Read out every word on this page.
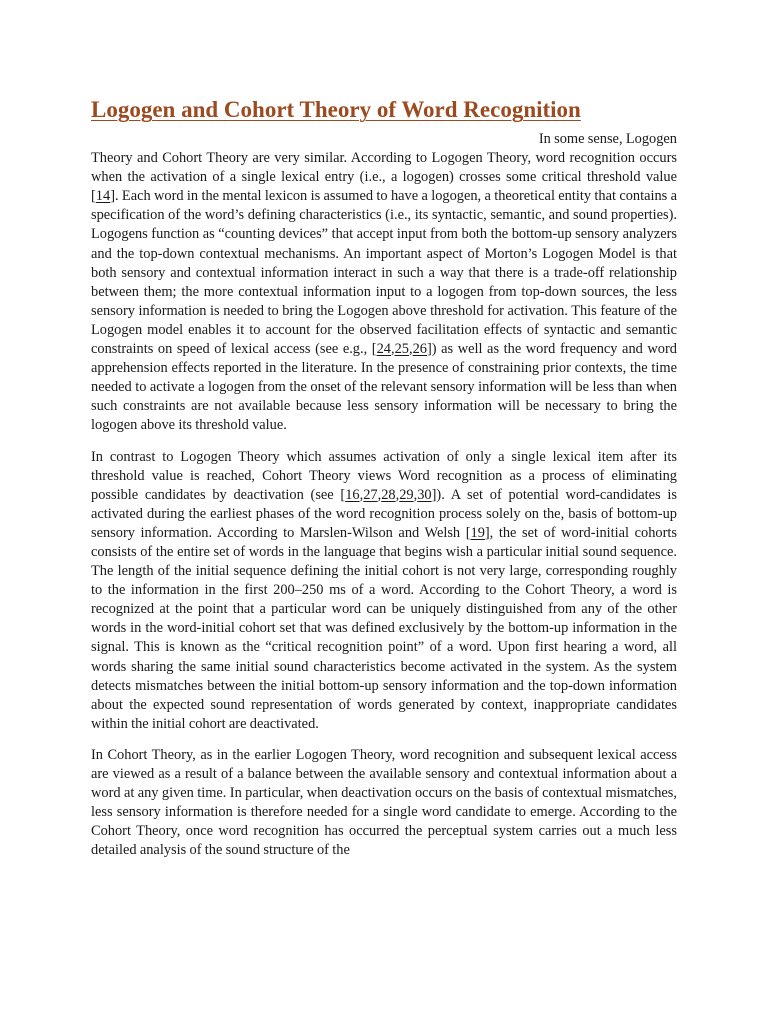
Logogen and Cohort Theory of Word Recognition

In some sense, Logogen
Theory and Cohort Theory are very similar. According to Logogen Theory, word recognition occurs when the activation of a single lexical entry (i.e., a logogen) crosses some critical threshold value [14]. Each word in the mental lexicon is assumed to have a logogen, a theoretical entity that contains a specification of the word’s defining characteristics (i.e., its syntactic, semantic, and sound properties). Logogens function as “counting devices” that accept input from both the bottom-up sensory analyzers and the top-down contextual mechanisms. An important aspect of Morton’s Logogen Model is that both sensory and contextual information interact in such a way that there is a trade-off relationship between them; the more contextual information input to a logogen from top-down sources, the less sensory information is needed to bring the Logogen above threshold for activation. This feature of the Logogen model enables it to account for the observed facilitation effects of syntactic and semantic constraints on speed of lexical access (see e.g., [24,25,26]) as well as the word frequency and word apprehension effects reported in the literature. In the presence of constraining prior contexts, the time needed to activate a logogen from the onset of the relevant sensory information will be less than when such constraints are not available because less sensory information will be necessary to bring the logogen above its threshold value.

In contrast to Logogen Theory which assumes activation of only a single lexical item after its threshold value is reached, Cohort Theory views Word recognition as a process of eliminating possible candidates by deactivation (see [16,27,28,29,30]). A set of potential word-candidates is activated during the earliest phases of the word recognition process solely on the, basis of bottom-up sensory information. According to Marslen-Wilson and Welsh [19], the set of word-initial cohorts consists of the entire set of words in the language that begins wish a particular initial sound sequence. The length of the initial sequence defining the initial cohort is not very large, corresponding roughly to the information in the first 200–250 ms of a word. According to the Cohort Theory, a word is recognized at the point that a particular word can be uniquely distinguished from any of the other words in the word-initial cohort set that was defined exclusively by the bottom-up information in the signal. This is known as the “critical recognition point” of a word. Upon first hearing a word, all words sharing the same initial sound characteristics become activated in the system. As the system detects mismatches between the initial bottom-up sensory information and the top-down information about the expected sound representation of words generated by context, inappropriate candidates within the initial cohort are deactivated.

In Cohort Theory, as in the earlier Logogen Theory, word recognition and subsequent lexical access are viewed as a result of a balance between the available sensory and contextual information about a word at any given time. In particular, when deactivation occurs on the basis of contextual mismatches, less sensory information is therefore needed for a single word candidate to emerge. According to the Cohort Theory, once word recognition has occurred the perceptual system carries out a much less detailed analysis of the sound structure of the
